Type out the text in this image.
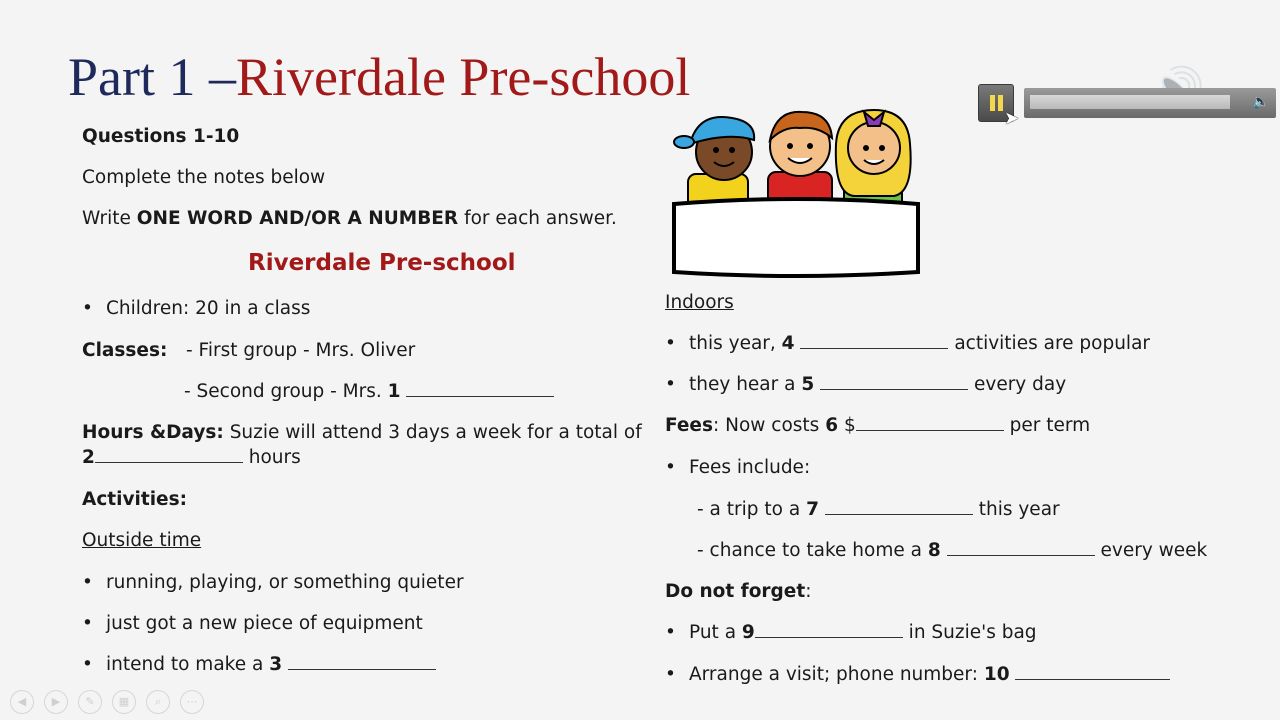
Part 1 –Riverdale Pre-school
Questions 1-10
Complete the notes below
Write ONE WORD AND/OR A NUMBER for each answer.
Riverdale Pre-school
• Children: 20 in a class
Classes: - First group - Mrs. Oliver
- Second group - Mrs. 1
Hours &Days: Suzie will attend 3 days a week for a total of
2	hours
Activities:
Outside time
• running, playing, or something quieter
• just got a new piece of equipment
• intend to make a 3
Indoors
• this year, 4	activities are popular
• they hear a 5	every day
Fees: Now costs 6 $	per term
• Fees include:
- a trip to a 7	this year
- chance to take home a 8	every week
Do not forget:
• Put a 9	in Suzie's bag
• Arrange a visit; phone number: 10
🔈
➤
◀	▶	✎	▦	⌕	⋯
